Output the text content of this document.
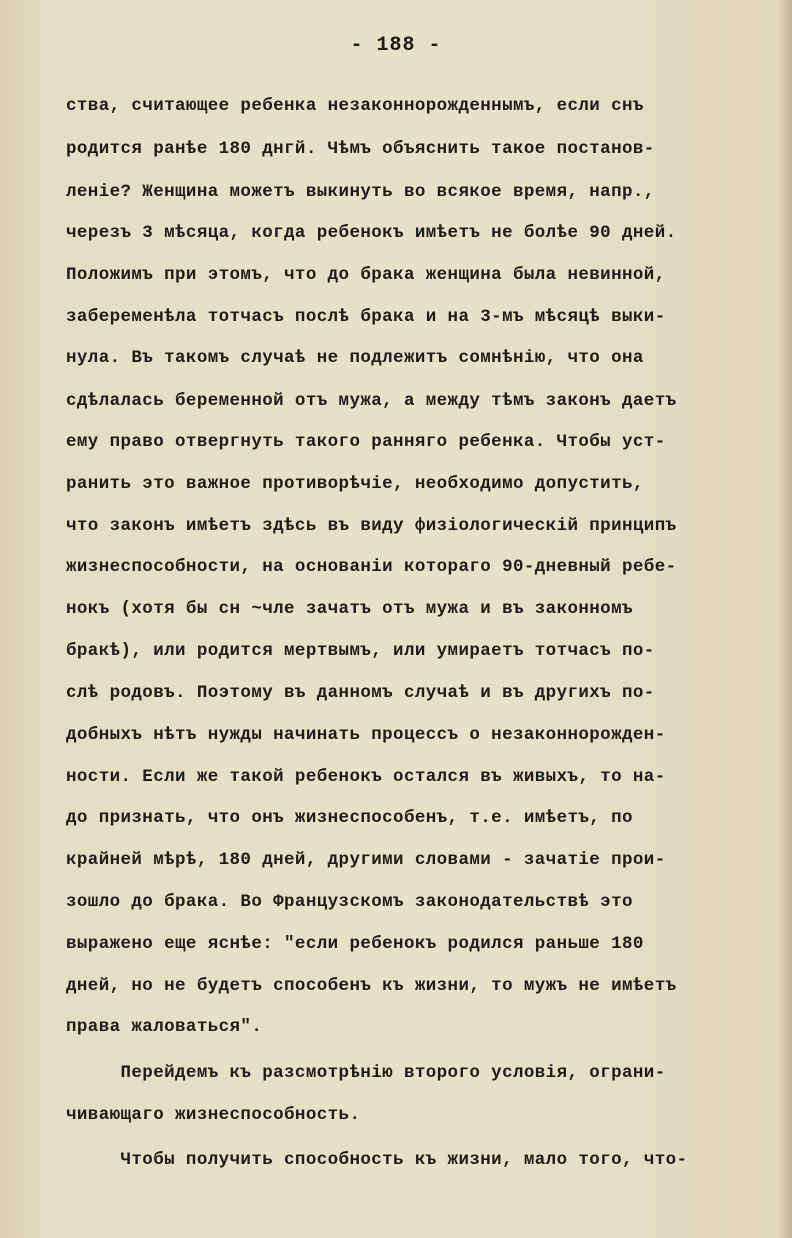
- 188 -
ства, считающее ребенка незаконнорожденнымъ, если снъ
родится ранѣе 180 днгй. Чѣмъ объяснить такое постанов-
леніе? Женщина можетъ выкинуть во всякое время, напр.,
черезъ 3 мѣсяца, когда ребенокъ имѣетъ не болѣе 90 дней.
Положимъ при этомъ, что до брака женщина была невинной,
забеременѣла тотчасъ послѣ брака и на 3-мъ мѣсяцѣ выки-
нула. Въ такомъ случаѣ не подлежитъ сомнѣнію, что она
сдѣлалась беременной отъ мужа, а между тѣмъ законъ даетъ
ему право отвергнуть такого ранняго ребенка. Чтобы уст-
ранить это важное противорѣчіе, необходимо допустить,
что законъ имѣетъ здѣсь въ виду физіологическій принципъ
жизнеспособности, на основаніи котораго 90-дневный ребе-
нокъ (хотя бы сн ~чле зачатъ отъ мужа и въ законномъ
бракѣ), или родится мертвымъ, или умираетъ тотчасъ по-
слѣ родовъ. Поэтому въ данномъ случаѣ и въ другихъ по-
добныхъ нѣтъ нужды начинать процессъ о незаконнорожден-
ности. Если же такой ребенокъ остался въ живыхъ, то на-
до признать, что онъ жизнеспособенъ, т.е. имѣетъ, по
крайней мѣрѣ, 180 дней, другими словами - зачатіе прои-
зошло до брака. Во Французскомъ законодательствѣ это
выражено еще яснѣе: "если ребенокъ родился раньше 180
дней, но не будетъ способенъ къ жизни, то мужъ не имѣетъ
права жаловаться".
Перейдемъ къ разсмотрѣнію второго условія, ограни-
чивающаго жизнеспособность.
Чтобы получить способность къ жизни, мало того, что-
